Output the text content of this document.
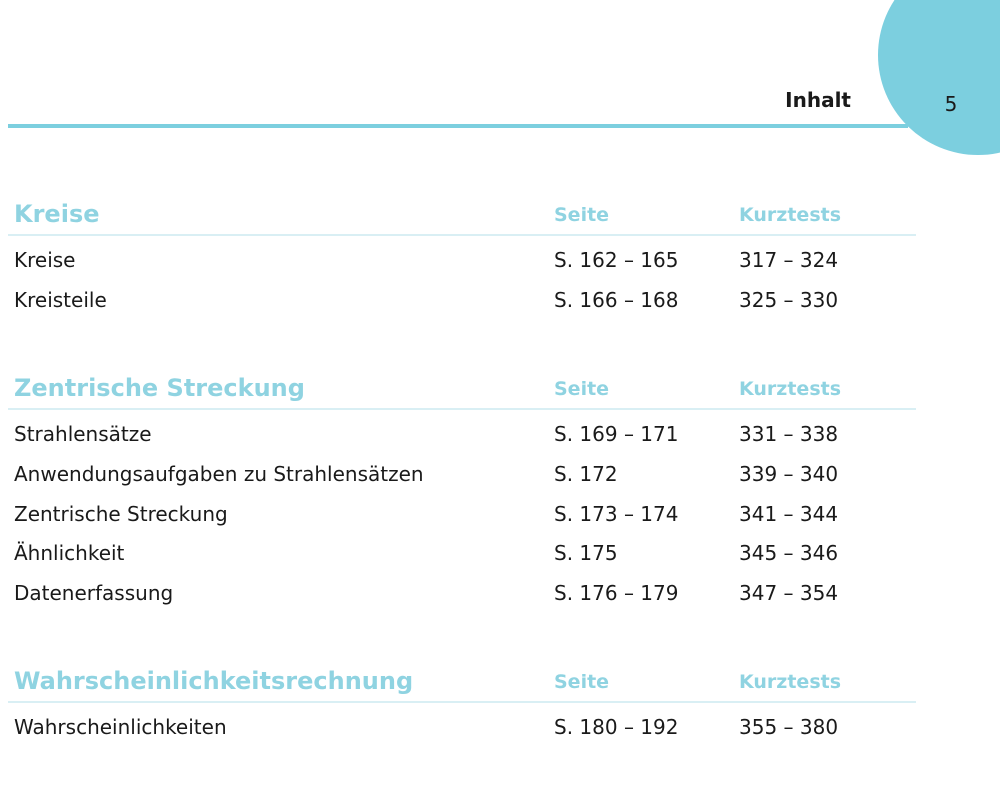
5
Inhalt
Kreise	Seite	Kurztests
Kreise	S. 162 – 165	317 – 324
Kreisteile	S. 166 – 168	325 – 330
Zentrische Streckung	Seite	Kurztests
Strahlensätze	S. 169 – 171	331 – 338
Anwendungsaufgaben zu Strahlensätzen	S. 172	339 – 340
Zentrische Streckung	S. 173 – 174	341 – 344
Ähnlichkeit	S. 175	345 – 346
Datenerfassung	S. 176 – 179	347 – 354
Wahrscheinlichkeitsrechnung	Seite	Kurztests
Wahrscheinlichkeiten	S. 180 – 192	355 – 380
